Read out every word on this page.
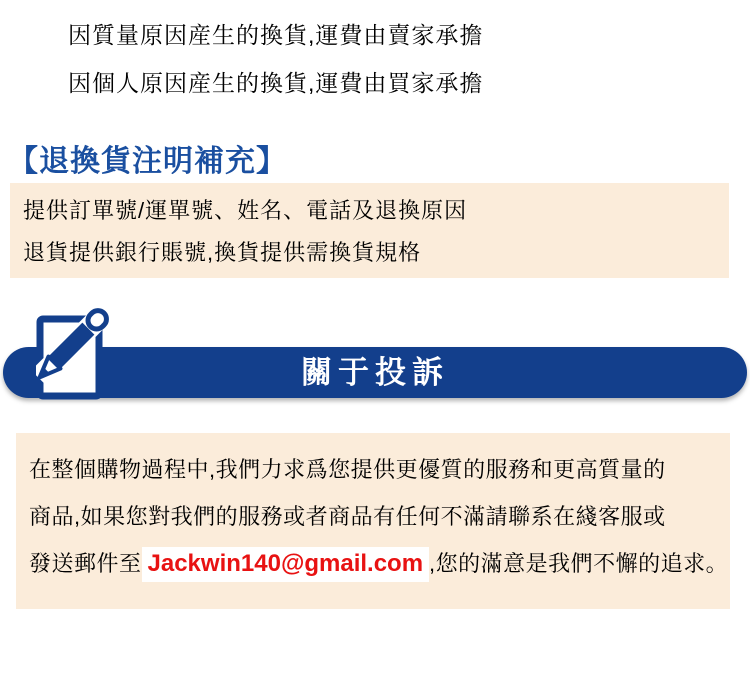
因質量原因産生的換貨,運費由賣家承擔
因個人原因産生的換貨,運費由買家承擔
【退換貨注明補充】
提供訂單號/運單號、姓名、電話及退換原因
退貨提供銀行賬號,換貨提供需換貨規格
關于投訴
在整個購物過程中,我們力求爲您提供更優質的服務和更高質量的
商品,如果您對我們的服務或者商品有任何不滿請聯系在綫客服或
發送郵件至 Jackwin140@gmail.com ,您的滿意是我們不懈的追求。
